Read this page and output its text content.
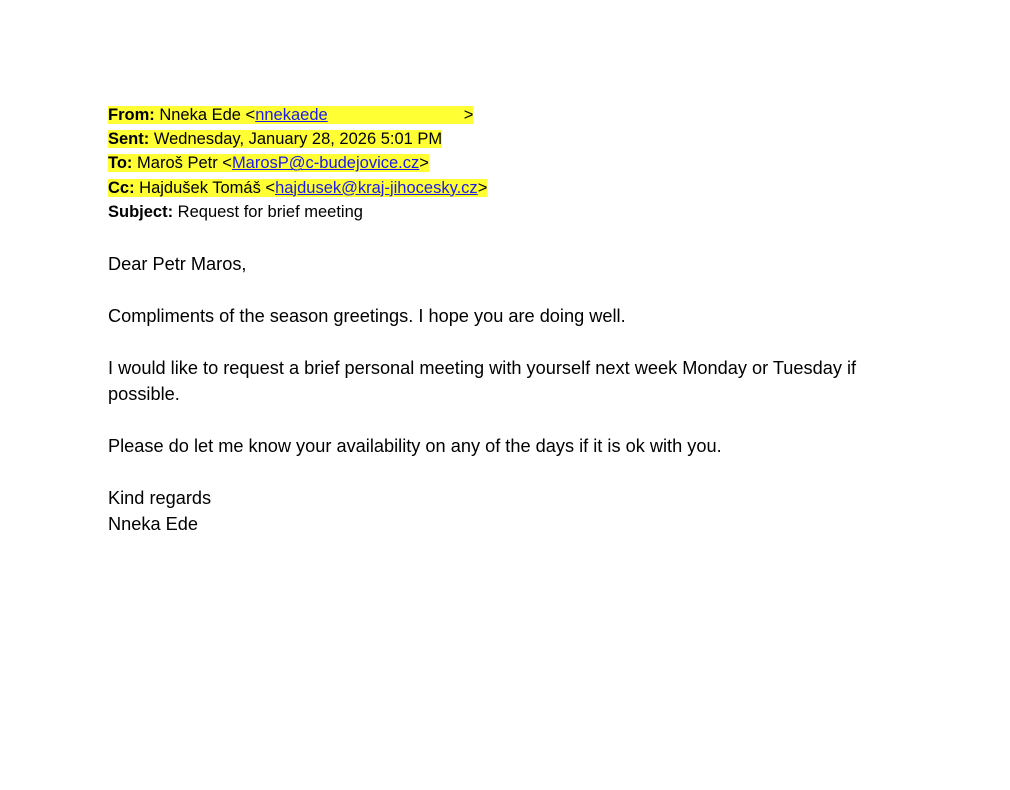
From: Nneka Ede <nnekaede	>
Sent: Wednesday, January 28, 2026 5:01 PM
To: Maroš Petr <MarosP@c-budejovice.cz>
Cc: Hajdušek Tomáš <hajdusek@kraj-jihocesky.cz>
Subject: Request for brief meeting

Dear Petr Maros,

Compliments of the season greetings. I hope you are doing well.

I would like to request a brief personal meeting with yourself next week Monday or Tuesday if possible.

Please do let me know your availability on any of the days if it is ok with you.

Kind regards

Nneka Ede
